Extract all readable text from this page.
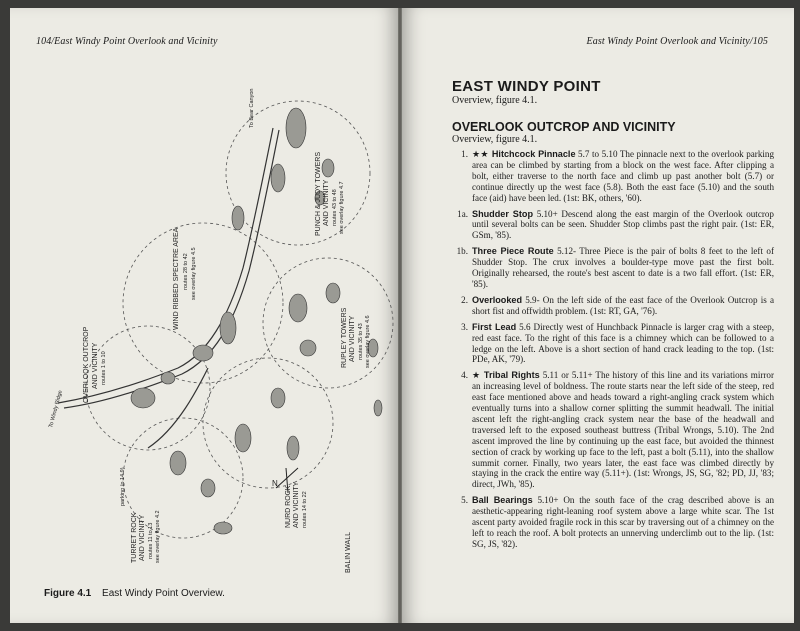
104/East Windy Point Overlook and Vicinity
N
To Bear Canyon
PUNCH & JUDY TOWERS AND VICINITY routes 43 to 48 see overlay figure 4.7
WIND RIBBED SPECTRE AREA routes 28 to 42 see overlay figure 4.5
RUPLEY TOWERS AND VICINITY routes 35 to 43 see overlay figure 4.6
OVERLOOK OUTCROP AND VICINITY routes 1 to 10
NURD ROCK AND VICINITY routes 14 to 22
TURRET ROCK AND VICINITY routes 11 to 13 see overlay figure 4.2	BALIN WALL
To Windy Ridge
parking (p 14.9)
Figure 4.1 East Windy Point Overview.
East Windy Point Overlook and Vicinity/105
EAST WINDY POINT

Overview, figure 4.1.

OVERLOOK OUTCROP AND VICINITY

Overview, figure 4.1.

1. ★★ Hitchcock Pinnacle 5.7 to 5.10 The pinnacle next to the overlook parking area can be climbed by starting from a block on the west face. After clipping a bolt, either traverse to the north face and climb up past another bolt (5.7) or continue directly up the west face (5.8). Both the east face (5.10) and the south face (aid) have been led. (1st: BK, others, '60).
1a. Shudder Stop 5.10+ Descend along the east margin of the Overlook outcrop until several bolts can be seen. Shudder Stop climbs past the right pair. (1st: ER, GSm, '85).
1b. Three Piece Route 5.12- Three Piece is the pair of bolts 8 feet to the left of Shudder Stop. The crux involves a boulder-type move past the first bolt. Originally rehearsed, the route's best ascent to date is a two fall effort. (1st: ER, '85).
2. Overlooked 5.9- On the left side of the east face of the Overlook Outcrop is a short fist and offwidth problem. (1st: RT, GA, '76).
3. First Lead 5.6 Directly west of Hunchback Pinnacle is larger crag with a steep, red east face. To the right of this face is a chimney which can be followed to a ledge on the left. Above is a short section of hand crack leading to the top. (1st: PDe, AK, '79).
4. ★ Tribal Rights 5.11 or 5.11+ The history of this line and its variations mirror an increasing level of boldness. The route starts near the left side of the steep, red east face mentioned above and heads toward a right-angling crack system which eventually turns into a shallow corner splitting the summit headwall. The initial ascent left the right-angling crack system near the base of the headwall and traversed left to the exposed southeast buttress (Tribal Wrongs, 5.10). The 2nd ascent improved the line by continuing up the east face, but avoided the thinnest section of crack by working up face to the left, past a bolt (5.11), into the shallow summit corner. Finally, two years later, the east face was climbed directly by staying in the crack the entire way (5.11+). (1st: Wrongs, JS, SG, '82; PD, JJ, '83; direct, JWh, '85).
5. Ball Bearings 5.10+ On the south face of the crag described above is an aesthetic-appearing right-leaning roof system above a large white scar. The 1st ascent party avoided fragile rock in this scar by traversing out of a chimney on the left to reach the roof. A bolt protects an unnerving underclimb out to the lip. (1st: SG, JS, '82).
